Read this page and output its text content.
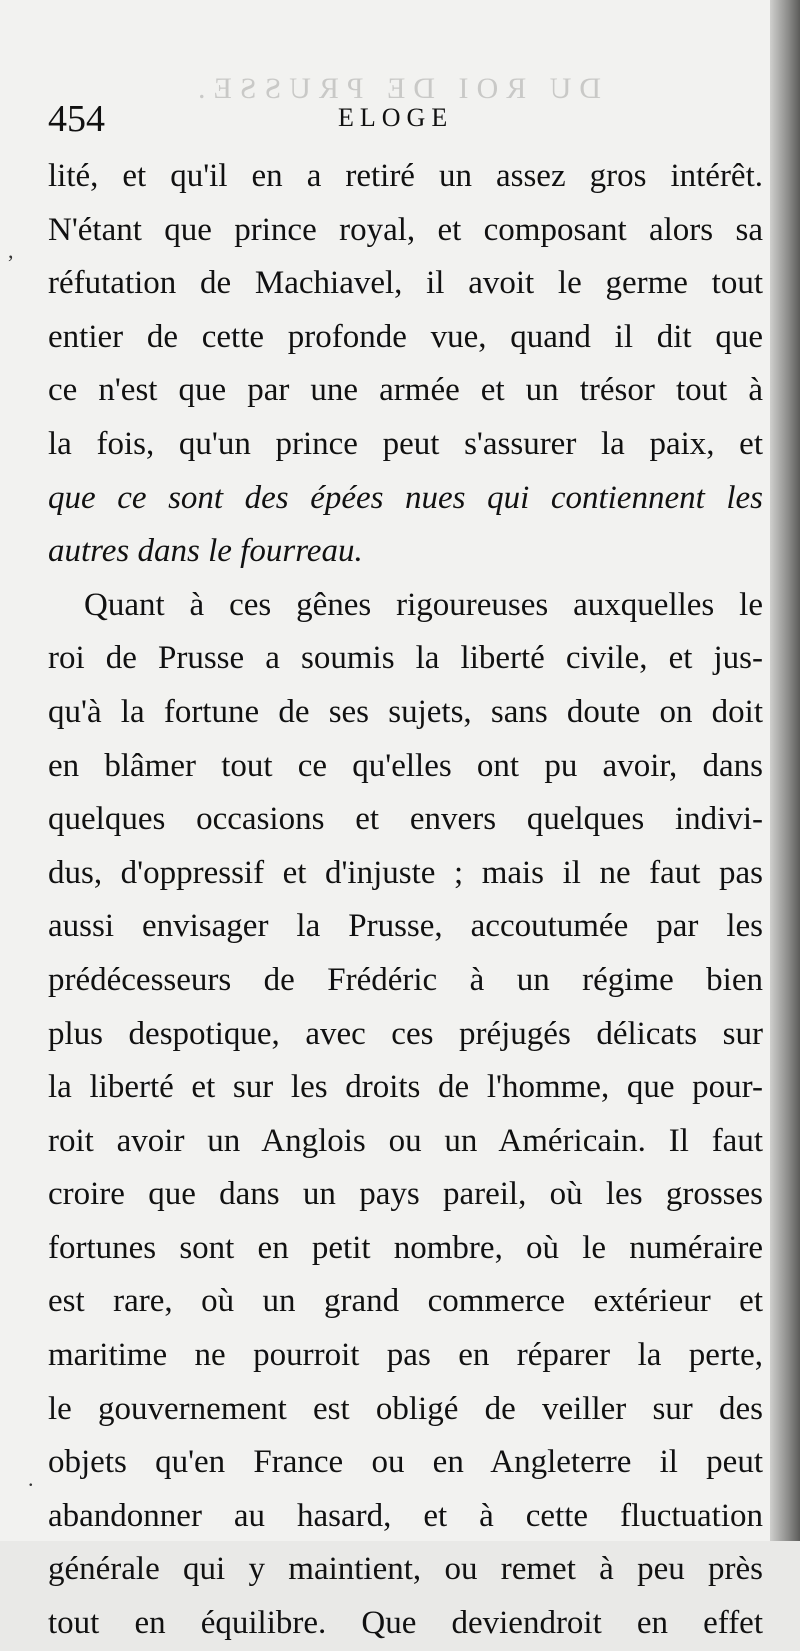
DU ROI DE PRUSSE.
454	ELOGE
lité, et qu'il en a retiré un assez gros intérêt.
N'étant que prince royal, et composant alors sa
réfutation de Machiavel, il avoit le germe tout
entier de cette profonde vue, quand il dit que
ce n'est que par une armée et un trésor tout à
la fois, qu'un prince peut s'assurer la paix, et
que ce sont des épées nues qui contiennent les
autres dans le fourreau.
Quant à ces gênes rigoureuses auxquelles le
roi de Prusse a soumis la liberté civile, et jus-
qu'à la fortune de ses sujets, sans doute on doit
en blâmer tout ce qu'elles ont pu avoir, dans
quelques occasions et envers quelques indivi-
dus, d'oppressif et d'injuste ; mais il ne faut pas
aussi envisager la Prusse, accoutumée par les
prédécesseurs de Frédéric à un régime bien
plus despotique, avec ces préjugés délicats sur
la liberté et sur les droits de l'homme, que pour-
roit avoir un Anglois ou un Américain. Il faut
croire que dans un pays pareil, où les grosses
fortunes sont en petit nombre, où le numéraire
est rare, où un grand commerce extérieur et
maritime ne pourroit pas en réparer la perte,
le gouvernement est obligé de veiller sur des
objets qu'en France ou en Angleterre il peut
abandonner au hasard, et à cette fluctuation
générale qui y maintient, ou remet à peu près
tout en équilibre. Que deviendroit en effet
,
.
